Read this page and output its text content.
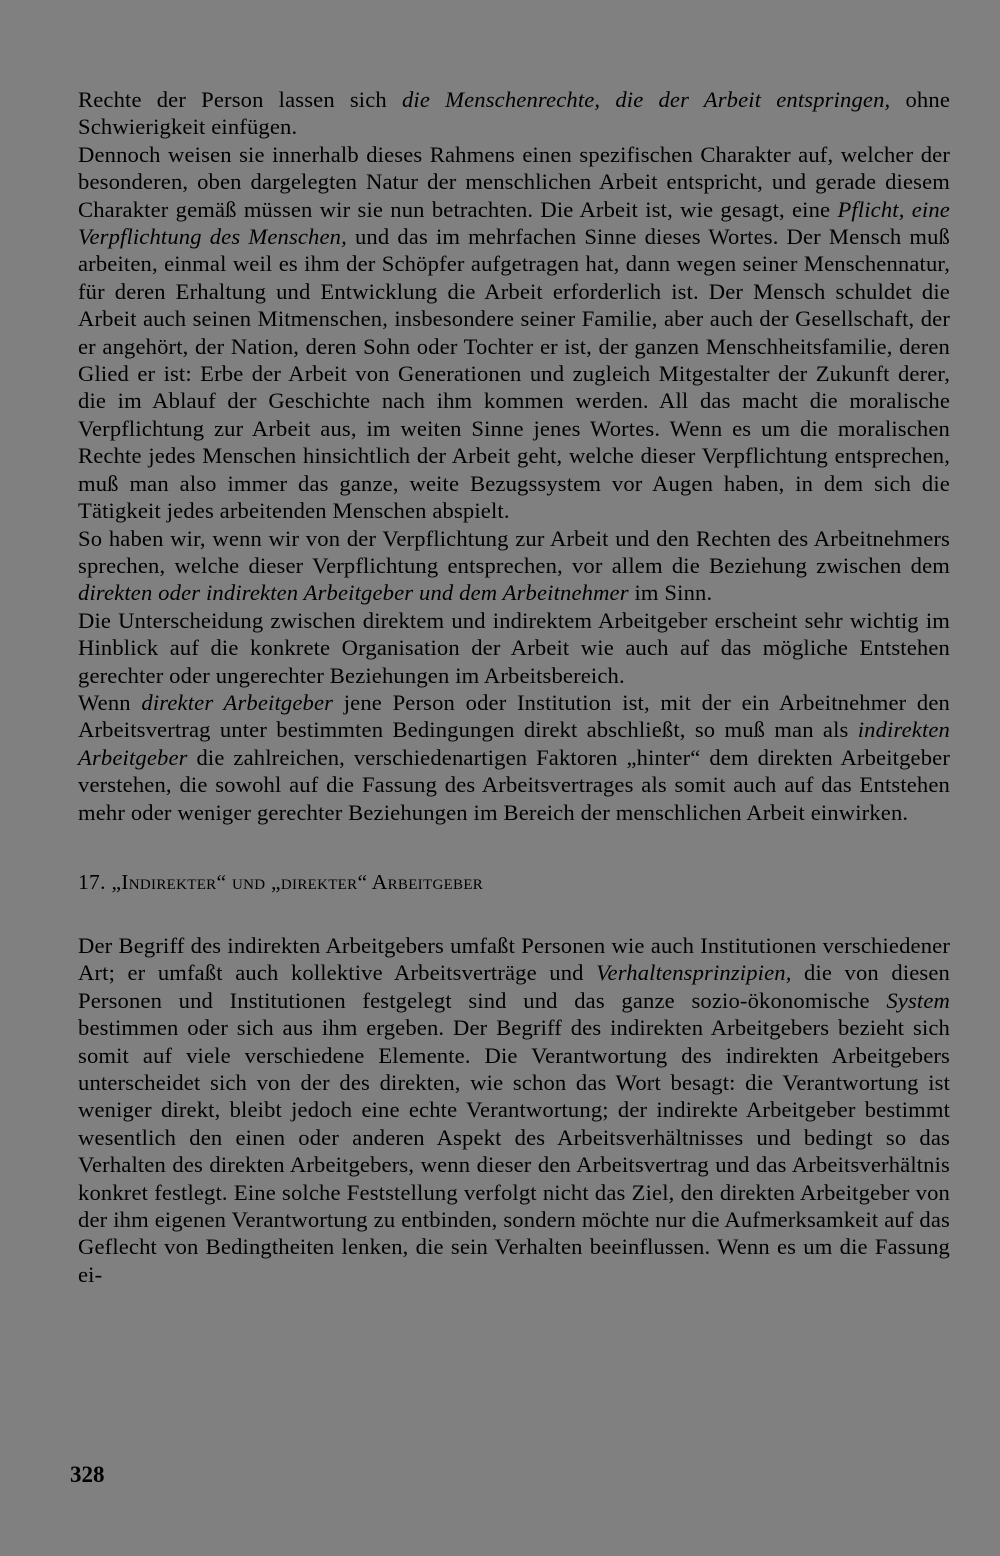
Rechte der Person lassen sich die Menschenrechte, die der Arbeit entspringen, ohne Schwierigkeit einfügen.

Dennoch weisen sie innerhalb dieses Rahmens einen spezifischen Charakter auf, welcher der besonderen, oben dargelegten Natur der menschlichen Arbeit entspricht, und gerade diesem Charakter gemäß müssen wir sie nun betrachten. Die Arbeit ist, wie gesagt, eine Pflicht, eine Verpflichtung des Menschen, und das im mehrfachen Sinne dieses Wortes. Der Mensch muß arbeiten, einmal weil es ihm der Schöpfer aufgetragen hat, dann wegen seiner Menschennatur, für deren Erhaltung und Entwicklung die Arbeit erforderlich ist. Der Mensch schuldet die Arbeit auch seinen Mitmenschen, insbesondere seiner Familie, aber auch der Gesellschaft, der er angehört, der Nation, deren Sohn oder Tochter er ist, der ganzen Menschheitsfamilie, deren Glied er ist: Erbe der Arbeit von Generationen und zugleich Mitgestalter der Zukunft derer, die im Ablauf der Geschichte nach ihm kommen werden. All das macht die moralische Verpflichtung zur Arbeit aus, im weiten Sinne jenes Wortes. Wenn es um die moralischen Rechte jedes Menschen hinsichtlich der Arbeit geht, welche dieser Verpflichtung entsprechen, muß man also immer das ganze, weite Bezugssystem vor Augen haben, in dem sich die Tätigkeit jedes arbeitenden Menschen abspielt.

So haben wir, wenn wir von der Verpflichtung zur Arbeit und den Rechten des Arbeitnehmers sprechen, welche dieser Verpflichtung entsprechen, vor allem die Beziehung zwischen dem direkten oder indirekten Arbeitgeber und dem Arbeitnehmer im Sinn.

Die Unterscheidung zwischen direktem und indirektem Arbeitgeber erscheint sehr wichtig im Hinblick auf die konkrete Organisation der Arbeit wie auch auf das mögliche Entstehen gerechter oder ungerechter Beziehungen im Arbeitsbereich.

Wenn direkter Arbeitgeber jene Person oder Institution ist, mit der ein Arbeitnehmer den Arbeitsvertrag unter bestimmten Bedingungen direkt abschließt, so muß man als indirekten Arbeitgeber die zahlreichen, verschiedenartigen Faktoren „hinter“ dem direkten Arbeitgeber verstehen, die sowohl auf die Fassung des Arbeitsvertrages als somit auch auf das Entstehen mehr oder weniger gerechter Beziehungen im Bereich der menschlichen Arbeit einwirken.

17. „Indirekter“ und „direkter“ Arbeitgeber

Der Begriff des indirekten Arbeitgebers umfaßt Personen wie auch Institutionen verschiedener Art; er umfaßt auch kollektive Arbeitsverträge und Verhaltensprinzipien, die von diesen Personen und Institutionen festgelegt sind und das ganze sozio-ökonomische System bestimmen oder sich aus ihm ergeben. Der Begriff des indirekten Arbeitgebers bezieht sich somit auf viele verschiedene Elemente. Die Verantwortung des indirekten Arbeitgebers unterscheidet sich von der des direkten, wie schon das Wort besagt: die Verantwortung ist weniger direkt, bleibt jedoch eine echte Verantwortung; der indirekte Arbeitgeber bestimmt wesentlich den einen oder anderen Aspekt des Arbeitsverhältnisses und bedingt so das Verhalten des direkten Arbeitgebers, wenn dieser den Arbeitsvertrag und das Arbeitsverhältnis konkret festlegt. Eine solche Feststellung verfolgt nicht das Ziel, den direkten Arbeitgeber von der ihm eigenen Verantwortung zu entbinden, sondern möchte nur die Aufmerksamkeit auf das Geflecht von Bedingtheiten lenken, die sein Verhalten beeinflussen. Wenn es um die Fassung ei-

328
